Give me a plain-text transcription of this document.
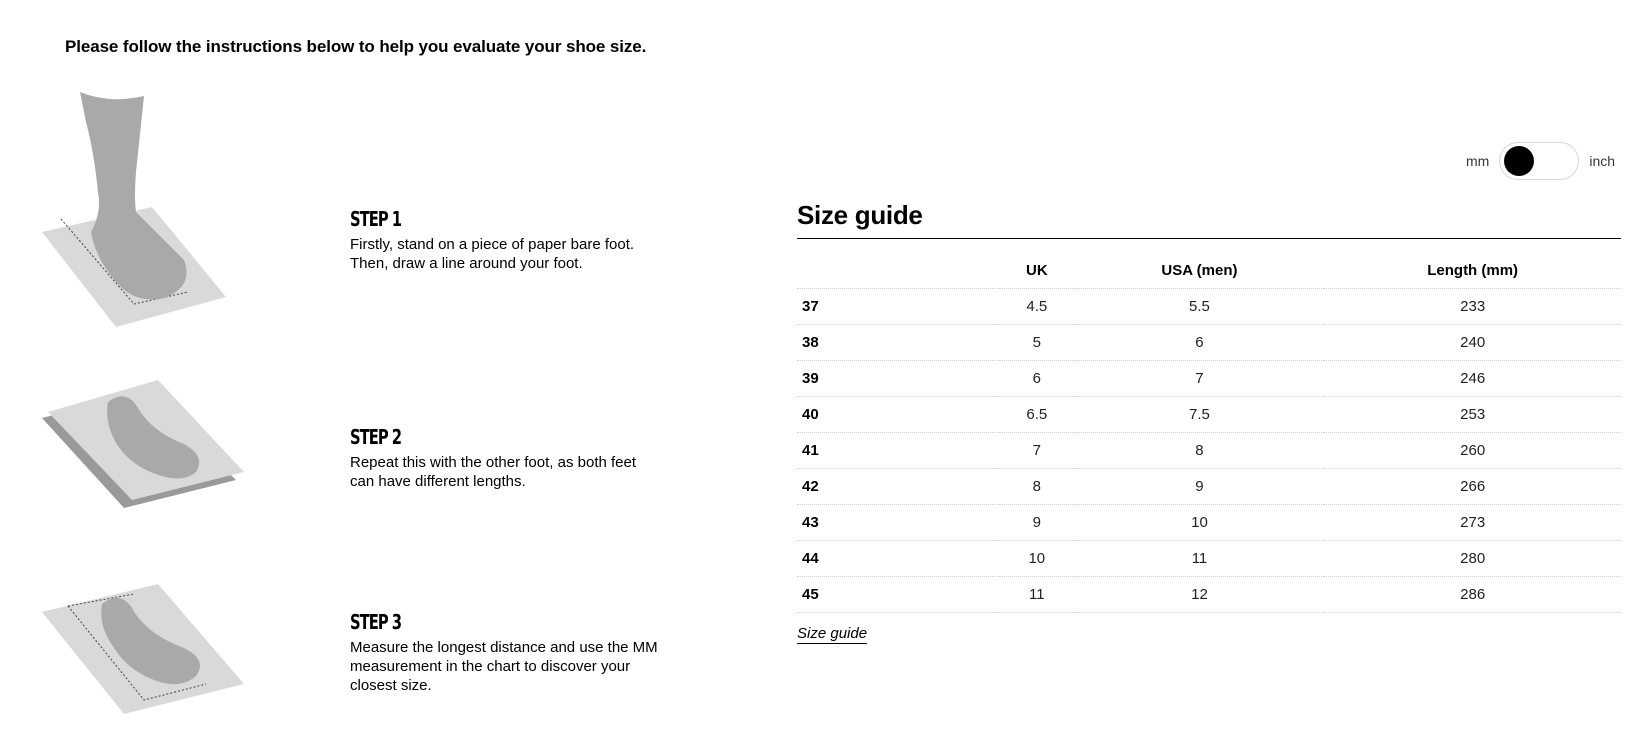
Please follow the instructions below to help you evaluate your shoe size.
STEP 1
Firstly, stand on a piece of paper bare foot.
Then, draw a line around your foot.
STEP 2
Repeat this with the other foot, as both feet
can have different lengths.
STEP 3
Measure the longest distance and use the MM
measurement in the chart to discover your
closest size.
mm	inch
Size guide
	UK	USA (men)	Length (mm)
37	4.5	5.5	233
38	5	6	240
39	6	7	246
40	6.5	7.5	253
41	7	8	260
42	8	9	266
43	9	10	273
44	10	11	280
45	11	12	286
Size guide
